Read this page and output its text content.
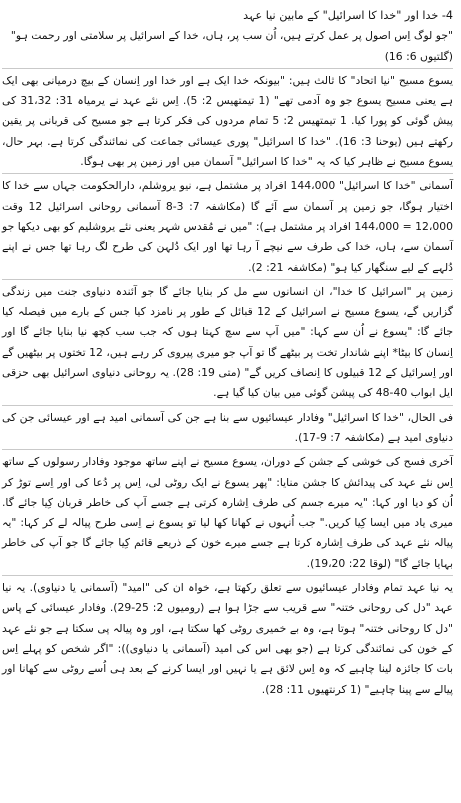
4- خدا اور "خدا کا اسرائیل" کے مابین نیا عہد

"جو لوگ اِس اصول پر عمل کرتے ہیں، اُن سب پر، ہاں، خدا کے اسرائیل پر سلامتی اور رحمت ہو"

(گلتیوں 6: 16)

یسوع مسیح "نیا اتحاد" کا ثالث ہیں: "بیونکہ خدا ایک ہے اور خدا اور اِنسان کے بیچ درمیانی بھی ایک ہے یعنی مسیح یسوع جو وہ آدمی تھے" (1 تیمتھیس 2: 5). اِس نئے عہد نے یرمیاہ 31: 31،32 کی پیش گوئی کو پورا کیا. 1 تیمتھیس 2: 5 تمام مردوں کی فکر کرتا ہے جو مسیح کی قربانی پر یقین رکھتے ہیں (یوحنا 3: 16). "خدا کا اسرائیل" پوری عیسائی جماعت کی نمائندگی کرتا ہے. بہر حال، یسوع مسیح نے ظاہر کیا کہ یہ "خدا کا اسرائیل" آسمان میں اور زمین پر بھی ہوگا.

آسمانی "خدا کا اسرائیل" 144،000 افراد پر مشتمل ہے، نیو یروشلم، دارالحکومت جہاں سے خدا کا اختیار ہوگا، جو زمین پر آسمان سے آئے گا (مکاشفہ 7: 3-8 آسمانی روحانی اسرائیل 12 وقت 12،000 = 144،000 افراد پر مشتمل ہے): "میں نے مُقدس شہر یعنی نئے یروشلیم کو بھی دیکھا جو آسمان سے، ہاں، خدا کی طرف سے نیچے آ رہا تھا اور ایک دُلہن کی طرح لگ رہا تھا جس نے اپنے دُلہے کے لیے سنگھار کیا ہو" (مکاشفہ 21: 2).

زمین پر "اسرائیل کا خدا"، ان انسانوں سے مل کر بنایا جائے گا جو آئندہ دنیاوی جنت میں زندگی گزاریں گے، یسوع مسیح نے اسرائیل کے 12 قبائل کے طور پر نامزد کیا جس کے بارے میں فیصلہ کیا جائے گا: "یسوع نے اُن سے کہا: "میں آپ سے سچ کہتا ہوں کہ جب سب کچھ نیا بنایا جائے گا اور اِنسان کا بیٹا* اپنے شاندار تخت پر بیٹھے گا تو آپ جو میری پیروی کر رہے ہیں، 12 تختوں پر بیٹھیں گے اور اِسرائیل کے 12 قبیلوں کا اِنصاف کریں گے" (متی 19: 28). یہ روحانی دنیاوی اسرائیل بھی حزقی ایل ابواب 40-48 کی پیشن گوئی میں بیان کیا گیا ہے.

فی الحال، "خدا کا اسرائیل" وفادار عیسائیوں سے بنا ہے جن کی آسمانی امید ہے اور عیسائی جن کی دنیاوی امید ہے (مکاشفہ 7: 9-17).

آخری فسح کی خوشی کے جشن کے دوران، یسوع مسیح نے اپنے ساتھ موجود وفادار رسولوں کے ساتھ اِس نئے عہد کی پیدائش کا جشن منایا: "پھر یسوع نے ایک روٹی لی، اِس پر دُعا کی اور اِسے توڑ کر اُن کو دیا اور کہا: "یہ میرے جسم کی طرف اِشارہ کرتی ہے جسے آپ کی خاطر قربان کِیا جائے گا. میری یاد میں ایسا کِیا کریں." جب اُنہوں نے کھانا کھا لیا تو یسوع نے اِسی طرح پیالہ لے کر کہا: "یہ پیالہ نئے عہد کی طرف اِشارہ کرتا ہے جسے میرے خون کے ذریعے قائم کِیا جائے گا جو آپ کی خاطر بہایا جائے گا" (لوقا 22: 19،20).

یہ نیا عہد تمام وفادار عیسائیوں سے تعلق رکھتا ہے، خواہ ان کی "امید" (آسمانی یا دنیاوی). یہ نیا عہد "دل کی روحانی ختنہ" سے قریب سے جڑا ہوا ہے (رومیوں 2: 25-29). وفادار عیسائی کے پاس "دل کا روحانی ختنہ" ہوتا ہے، وہ بے خمیری روٹی کھا سکتا ہے، اور وہ پیالہ پی سکتا ہے جو نئے عہد کے خون کی نمائندگی کرتا ہے (جو بھی اس کی امید (آسمانی یا دنیاوی)): "اگر شخص کو پہلے اِس بات کا جائزہ لینا چاہیے کہ وہ اِس لائق ہے یا نہیں اور ایسا کرنے کے بعد ہی اُسے روٹی سے کھانا اور پیالے سے پینا چاہیے" (1 کرنتھیوں 11: 28).
